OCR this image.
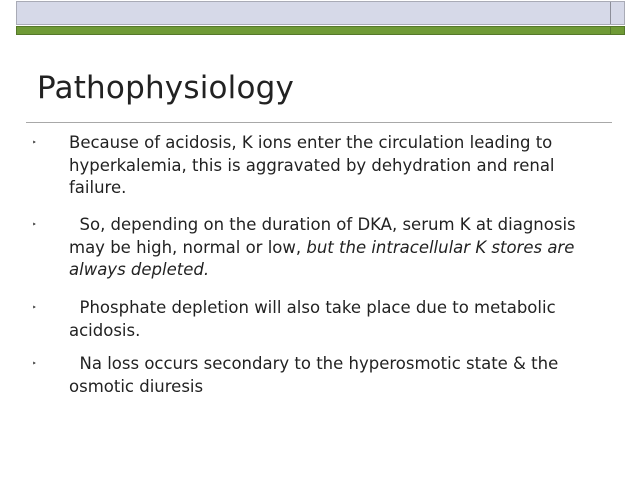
Pathophysiology
‣ Because of acidosis, K ions enter the circulation leading to hyperkalemia, this is aggravated by dehydration and renal failure.
‣ So, depending on the duration of DKA, serum K at diagnosis may be high, normal or low, but the intracellular K stores are always depleted.
‣ Phosphate depletion will also take place due to metabolic acidosis.
‣ Na loss occurs secondary to the hyperosmotic state & the osmotic diuresis
